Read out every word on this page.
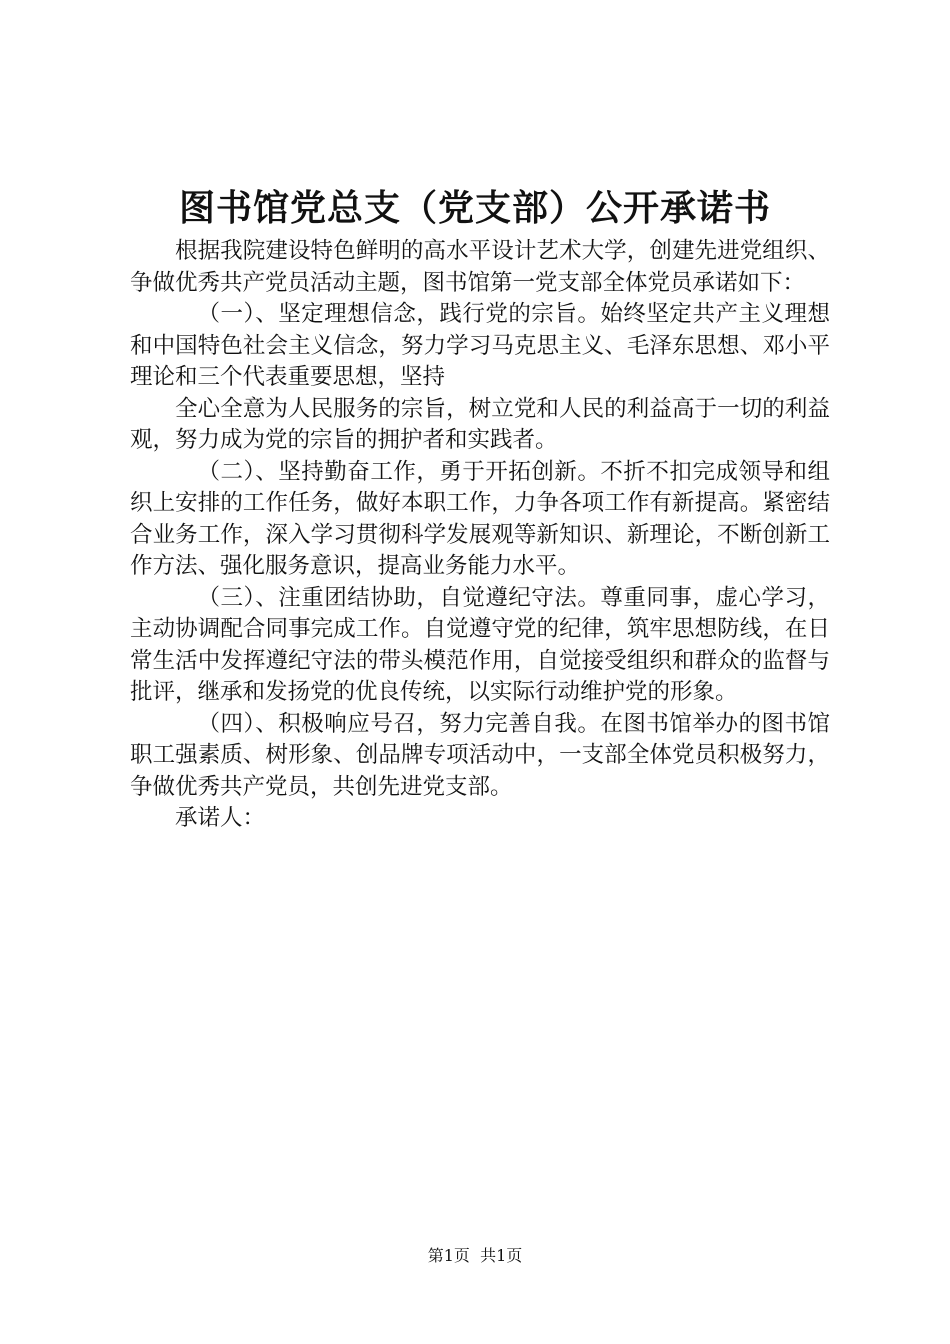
图书馆党总支（党支部）公开承诺书

根据我院建设特色鲜明的高水平设计艺术大学，创建先进党组织、争做优秀共产党员活动主题，图书馆第一党支部全体党员承诺如下：

（一）、坚定理想信念，践行党的宗旨。始终坚定共产主义理想和中国特色社会主义信念，努力学习马克思主义、毛泽东思想、邓小平理论和三个代表重要思想，坚持

全心全意为人民服务的宗旨，树立党和人民的利益高于一切的利益观，努力成为党的宗旨的拥护者和实践者。

（二）、坚持勤奋工作，勇于开拓创新。不折不扣完成领导和组织上安排的工作任务，做好本职工作，力争各项工作有新提高。紧密结合业务工作，深入学习贯彻科学发展观等新知识、新理论，不断创新工作方法、强化服务意识，提高业务能力水平。

（三）、注重团结协助，自觉遵纪守法。尊重同事，虚心学习，主动协调配合同事完成工作。自觉遵守党的纪律，筑牢思想防线，在日常生活中发挥遵纪守法的带头模范作用，自觉接受组织和群众的监督与批评，继承和发扬党的优良传统，以实际行动维护党的形象。

（四）、积极响应号召，努力完善自我。在图书馆举办的图书馆职工强素质、树形象、创品牌专项活动中，一支部全体党员积极努力，争做优秀共产党员，共创先进党支部。

承诺人：

第1页  共1页
